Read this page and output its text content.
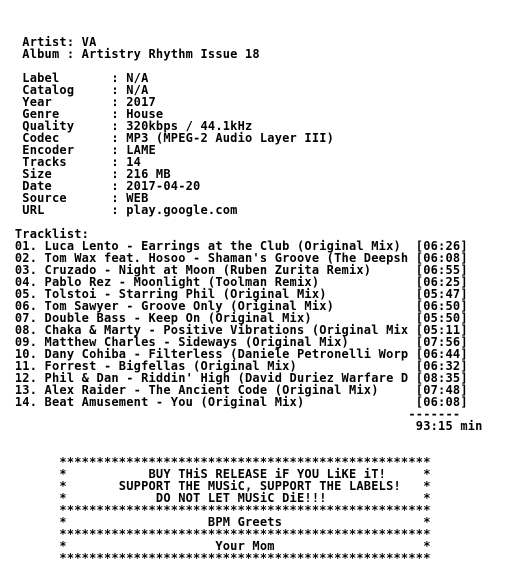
Artist: VA
Album : Artistry Rhythm Issue 18
Label       : N/A
Catalog     : N/A
Year        : 2017
Genre       : House
Quality     : 320kbps / 44.1kHz
Codec       : MP3 (MPEG-2 Audio Layer III)
Encoder     : LAME
Tracks      : 14
Size        : 216 MB
Date        : 2017-04-20
Source      : WEB
URL         : play.google.com
Tracklist:
01. Luca Lento - Earrings at the Club (Original Mix)  [06:26]
02. Tom Wax feat. Hosoo - Shaman's Groove (The Deepsh [06:08]
03. Cruzado - Night at Moon (Ruben Zurita Remix)      [06:55]
04. Pablo Rez - Moonlight (Toolman Remix)             [06:25]
05. Tolstoi - Starring Phil (Original Mix)            [05:47]
06. Tom Sawyer - Groove Only (Original Mix)           [06:50]
07. Double Bass - Keep On (Original Mix)              [05:50]
08. Chaka & Marty - Positive Vibrations (Original Mix [05:11]
09. Matthew Charles - Sideways (Original Mix)         [07:56]
10. Dany Cohiba - Filterless (Daniele Petronelli Worp [06:44]
11. Forrest - Bigfellas (Original Mix)                [06:32]
12. Phil & Dan - Riddin' High (David Duriez Warfare D [08:35]
13. Alex Raider - The Ancient Code (Original Mix)     [07:48]
14. Beat Amusement - You (Original Mix)               [06:08]
-------
93:15 min
**************************************************
*           BUY THiS RELEASE iF YOU LiKE iT!     *
*       SUPPORT THE MUSiC, SUPPORT THE LABELS!   *
*            DO NOT LET MUSiC DiE!!!             *
**************************************************
*                   BPM Greets                   *
**************************************************
*                    Your Mom                    *
**************************************************
